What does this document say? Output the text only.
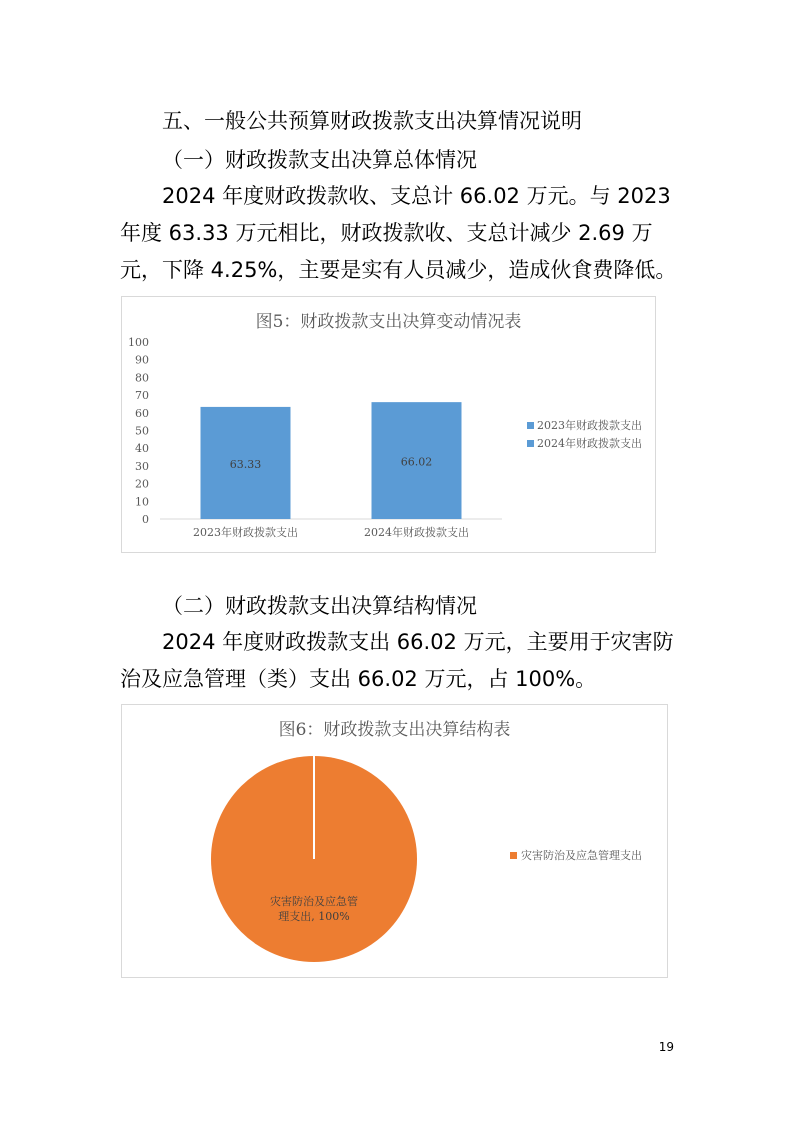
五、一般公共预算财政拨款支出决算情况说明

（一）财政拨款支出决算总体情况

2024 年度财政拨款收、支总计 66.02 万元。与 2023 年度 63.33 万元相比，财政拨款收、支总计减少 2.69 万元，下降 4.25%，主要是实有人员减少，造成伙食费降低。

图5：财政拨款支出决算变动情况表
0
10
20
30
40
50
60
70
80
90
100
63.33
2023年财政拨款支出
66.02
2024年财政拨款支出
2023年财政拨款支出
2024年财政拨款支出

（二）财政拨款支出决算结构情况

2024 年度财政拨款支出 66.02 万元，主要用于灾害防治及应急管理（类）支出 66.02 万元，占 100%。

图6：财政拨款支出决算结构表
灾害防治及应急管理支出, 100%
灾害防治及应急管理支出
19
